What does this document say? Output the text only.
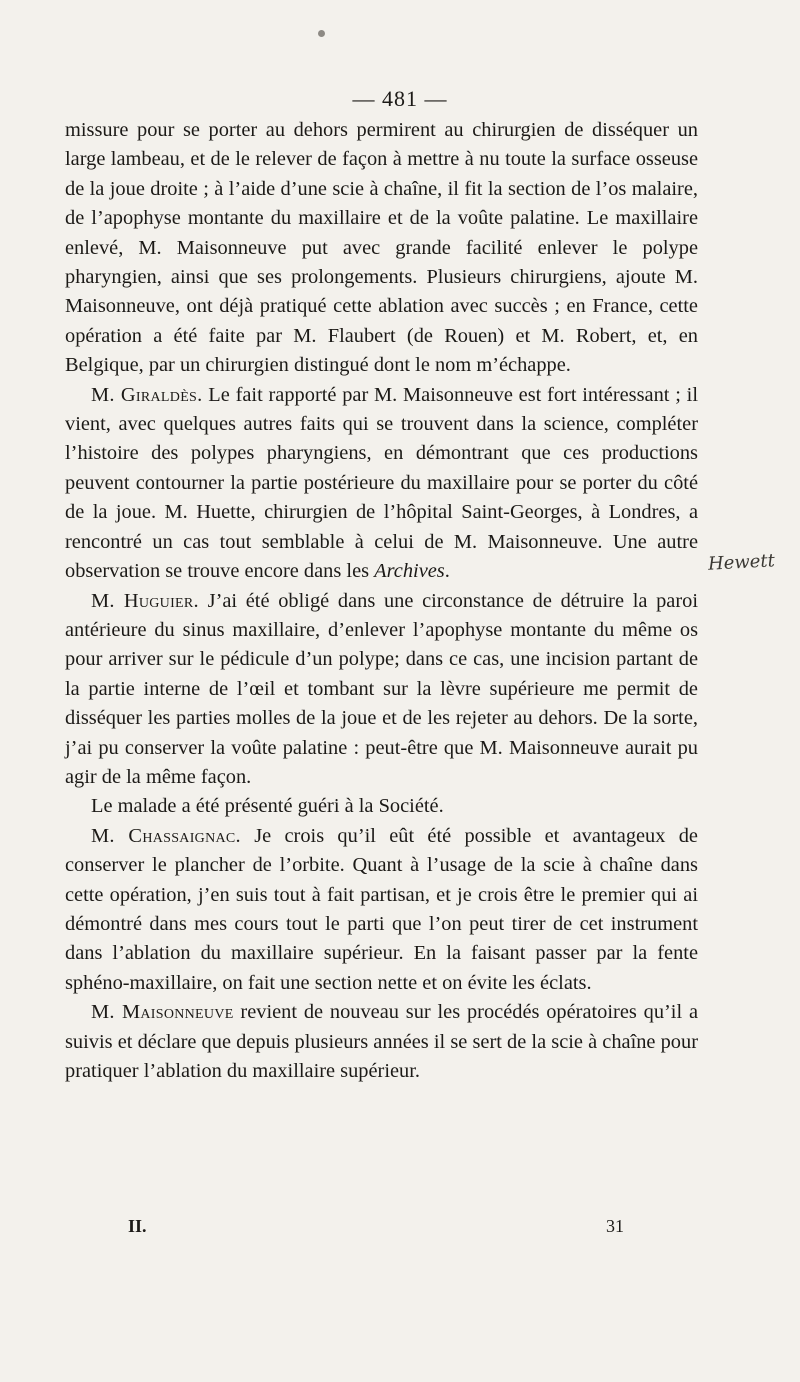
— 481 —

missure pour se porter au dehors permirent au chirurgien de disséquer un large lambeau, et de le relever de façon à mettre à nu toute la surface osseuse de la joue droite ; à l’aide d’une scie à chaîne, il fit la section de l’os malaire, de l’apophyse montante du maxillaire et de la voûte palatine. Le maxillaire enlevé, M. Maisonneuve put avec grande facilité enlever le polype pharyngien, ainsi que ses prolongements. Plusieurs chirurgiens, ajoute M. Maisonneuve, ont déjà pratiqué cette ablation avec succès ; en France, cette opération a été faite par M. Flaubert (de Rouen) et M. Robert, et, en Belgique, par un chirurgien distingué dont le nom m’échappe.

M. Giraldès. Le fait rapporté par M. Maisonneuve est fort intéressant ; il vient, avec quelques autres faits qui se trouvent dans la science, compléter l’histoire des polypes pharyngiens, en démontrant que ces productions peuvent contourner la partie postérieure du maxillaire pour se porter du côté de la joue. M. Huette, chirurgien de l’hôpital Saint-Georges, à Londres, a rencontré un cas tout semblable à celui de M. Maisonneuve. Une autre observation se trouve encore dans les Archives.

M. Huguier. J’ai été obligé dans une circonstance de détruire la paroi antérieure du sinus maxillaire, d’enlever l’apophyse montante du même os pour arriver sur le pédicule d’un polype; dans ce cas, une incision partant de la partie interne de l’œil et tombant sur la lèvre supérieure me permit de disséquer les parties molles de la joue et de les rejeter au dehors. De la sorte, j’ai pu conserver la voûte palatine : peut-être que M. Maisonneuve aurait pu agir de la même façon.

Le malade a été présenté guéri à la Société.

M. Chassaignac. Je crois qu’il eût été possible et avantageux de conserver le plancher de l’orbite. Quant à l’usage de la scie à chaîne dans cette opération, j’en suis tout à fait partisan, et je crois être le premier qui ai démontré dans mes cours tout le parti que l’on peut tirer de cet instrument dans l’ablation du maxillaire supérieur. En la faisant passer par la fente sphéno-maxillaire, on fait une section nette et on évite les éclats.

M. Maisonneuve revient de nouveau sur les procédés opératoires qu’il a suivis et déclare que depuis plusieurs années il se sert de la scie à chaîne pour pratiquer l’ablation du maxillaire supérieur.

Hewett
II.	31
